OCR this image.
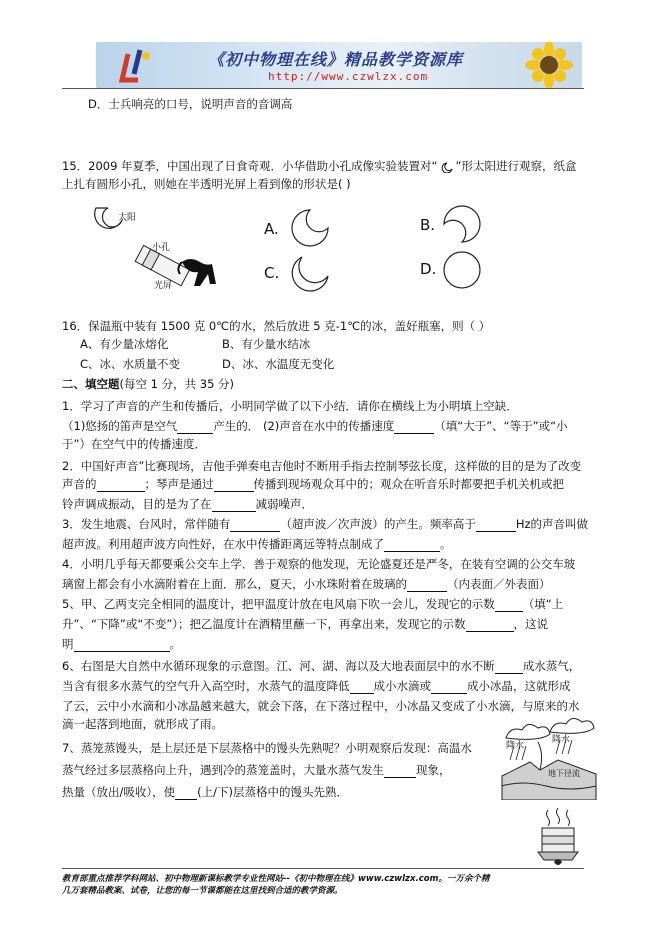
《初中物理在线》精品教学资源库
http://www.czwlzx.com
D．士兵响亮的口号，说明声音的音调高
15．2009 年夏季，中国出现了日食奇观．小华借助小孔成像实验装置对“ ”形太阳进行观察，纸盒
上扎有圆形小孔，则她在半透明光屏上看到像的形状是( )
太阳
小孔
光屏
A.	B.
C.	D.
16．保温瓶中装有 1500 克 0℃的水，然后放进 5 克-1℃的冰，盖好瓶塞，则（ ）
A、有少量冰熔化	B、有少量水结冰
C、冰、水质量不变	D、冰、水温度无变化
二、填空题(每空 1 分，共 35 分)
1．学习了声音的产生和传播后，小明同学做了以下小结．请你在横线上为小明填上空缺．
（1)悠扬的笛声是空气	产生的． (2)声音在水中的传播速度	（填“大于”、“等于”或“小
于”）在空气中的传播速度．
2．中国好声音”比赛现场，吉他手弹奏电吉他时不断用手指去控制琴弦长度，这样做的目的是为了改变
声音的	；琴声是通过	传播到现场观众耳中的；观众在听音乐时都要把手机关机或把
铃声调成振动，目的是为了在	减弱噪声．
3．发生地震、台风时，常伴随有	（超声波／次声波）的产生。频率高于	Hz的声音叫做
超声波。利用超声波方向性好，在水中传播距离远等特点制成了	。
4．小明几乎每天都要乘公交车上学．善于观察的他发现，无论盛夏还是严冬，在装有空调的公交车玻
璃窗上都会有小水滴附着在上面．那么，夏天，小水珠附着在玻璃的	（内表面／外表面）
5、甲、乙两支完全相同的温度计，把甲温度计放在电风扇下吹一会儿，发现它的示数 （填“上
升”、“下降”或“不变”）；把乙温度计在酒精里蘸一下，再拿出来，发现它的示数	，这说
明	。
6、右图是大自然中水循环现象的示意图。江、河、湖、海以及大地表面层中的水不断 成水蒸气，
当含有很多水蒸气的空气升入高空时，水蒸气的温度降低 成小水滴或	成小冰晶，这就形成
了云，云中小水滴和小冰晶越来越大，就会下落，在下落过程中，小冰晶又变成了小水滴，与原来的水
滴一起落到地面，就形成了雨。
7、蒸笼蒸馒头，是上层还是下层蒸格中的馒头先熟呢？小明观察后发现：高温水
蒸气经过多层蒸格向上升，遇到冷的蒸笼盖时，大量水蒸气发生	现象，
热量（放出/吸收），使 (上/下)层蒸格中的馒头先熟．
降水
降水
地下径流
教育部重点推荐学科网站、初中物理新课标教学专业性网站--《初中物理在线》www.czwlzx.com。一万余个精
几万套精品教案、试卷，让您的每一节课都能在这里找到合适的教学资源。
